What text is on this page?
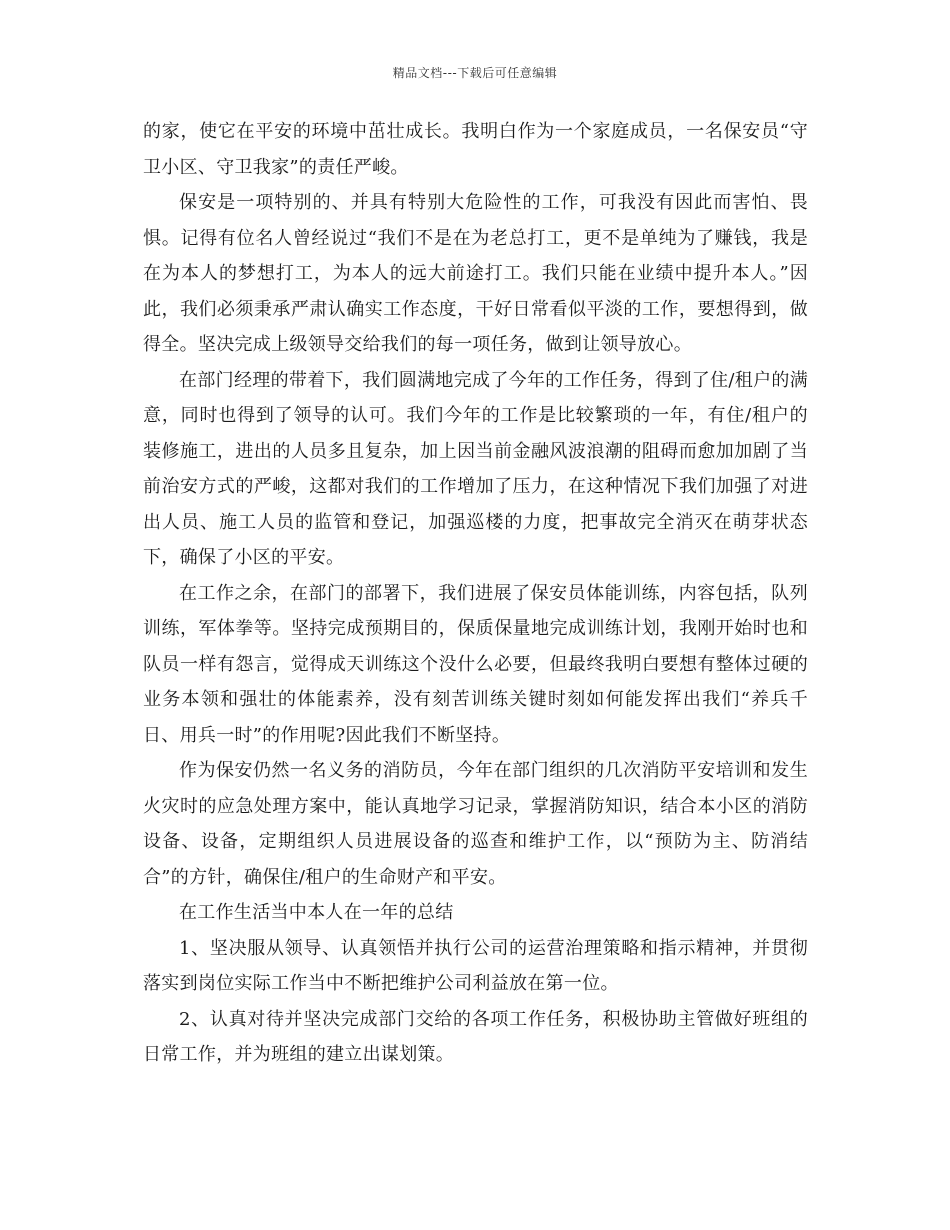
精品文档---下载后可任意编辑

的家，使它在平安的环境中茁壮成长。我明白作为一个家庭成员，一名保安员“守卫小区、守卫我家”的责任严峻。

保安是一项特别的、并具有特别大危险性的工作，可我没有因此而害怕、畏惧。记得有位名人曾经说过“我们不是在为老总打工，更不是单纯为了赚钱，我是在为本人的梦想打工，为本人的远大前途打工。我们只能在业绩中提升本人。”因此，我们必须秉承严肃认确实工作态度，干好日常看似平淡的工作，要想得到，做得全。坚决完成上级领导交给我们的每一项任务，做到让领导放心。

在部门经理的带着下，我们圆满地完成了今年的工作任务，得到了住/租户的满意，同时也得到了领导的认可。我们今年的工作是比较繁琐的一年，有住/租户的装修施工，进出的人员多且复杂，加上因当前金融风波浪潮的阻碍而愈加加剧了当前治安方式的严峻，这都对我们的工作增加了压力，在这种情况下我们加强了对进出人员、施工人员的监管和登记，加强巡楼的力度，把事故完全消灭在萌芽状态下，确保了小区的平安。

在工作之余，在部门的部署下，我们进展了保安员体能训练，内容包括，队列训练，军体拳等。坚持完成预期目的，保质保量地完成训练计划，我刚开始时也和队员一样有怨言，觉得成天训练这个没什么必要，但最终我明白要想有整体过硬的业务本领和强壮的体能素养，没有刻苦训练关键时刻如何能发挥出我们“养兵千日、用兵一时”的作用呢?因此我们不断坚持。

作为保安仍然一名义务的消防员，今年在部门组织的几次消防平安培训和发生火灾时的应急处理方案中，能认真地学习记录，掌握消防知识，结合本小区的消防设备、设备，定期组织人员进展设备的巡查和维护工作，以“预防为主、防消结合”的方针，确保住/租户的生命财产和平安。

在工作生活当中本人在一年的总结

1、坚决服从领导、认真领悟并执行公司的运营治理策略和指示精神，并贯彻落实到岗位实际工作当中不断把维护公司利益放在第一位。

2、认真对待并坚决完成部门交给的各项工作任务，积极协助主管做好班组的日常工作，并为班组的建立出谋划策。
